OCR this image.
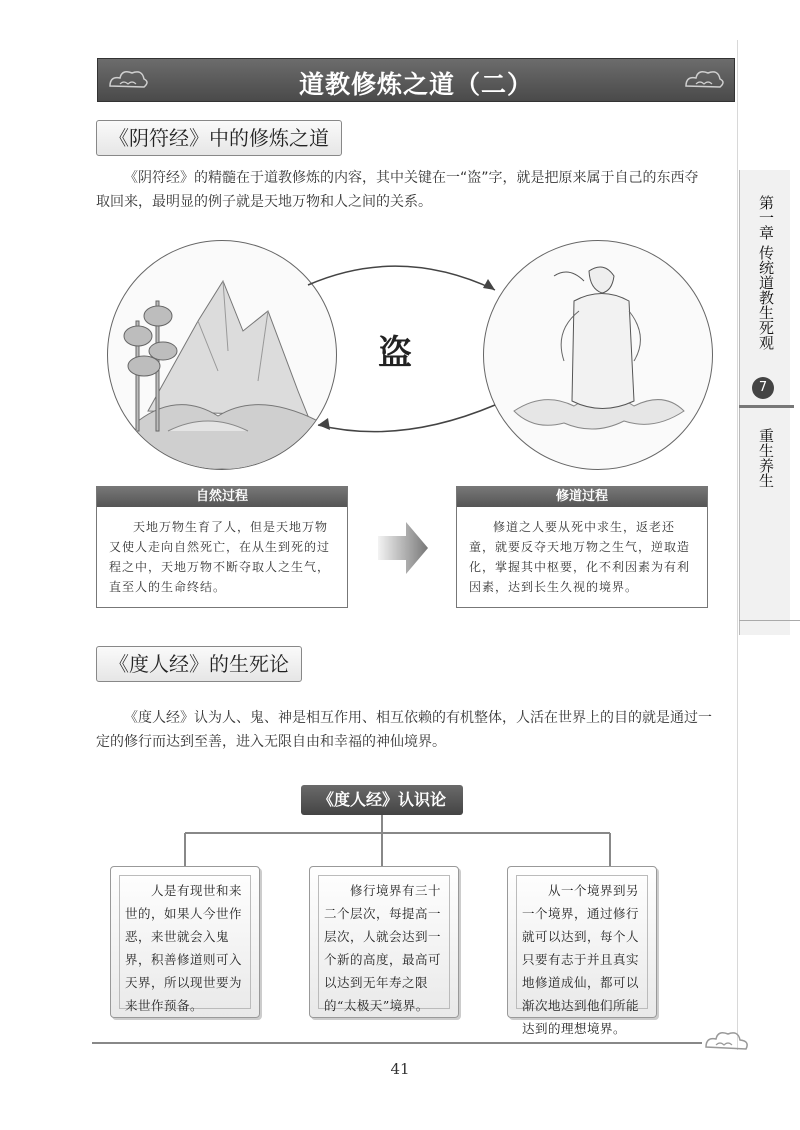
道教修炼之道（二）
第一章 传统道教生死观
7
重生养生
《阴符经》中的修炼之道
《阴符经》的精髓在于道教修炼的内容，其中关键在一“盗”字，就是把原来属于自己的东西夺取回来，最明显的例子就是天地万物和人之间的关系。
盗
自然过程
天地万物生育了人，但是天地万物又使人走向自然死亡，在从生到死的过程之中，天地万物不断夺取人之生气，直至人的生命终结。
修道过程
修道之人要从死中求生，返老还童，就要反夺天地万物之生气，逆取造化，掌握其中枢要，化不利因素为有利因素，达到长生久视的境界。
《度人经》的生死论
《度人经》认为人、鬼、神是相互作用、相互依赖的有机整体，人活在世界上的目的就是通过一定的修行而达到至善，进入无限自由和幸福的神仙境界。
《度人经》认识论
人是有现世和来世的，如果人今世作恶，来世就会入鬼界，积善修道则可入天界，所以现世要为来世作预备。
修行境界有三十二个层次，每提高一层次，人就会达到一个新的高度，最高可以达到无年寿之限的“太极天”境界。
从一个境界到另一个境界，通过修行就可以达到，每个人只要有志于并且真实地修道成仙，都可以渐次地达到他们所能达到的理想境界。
41
